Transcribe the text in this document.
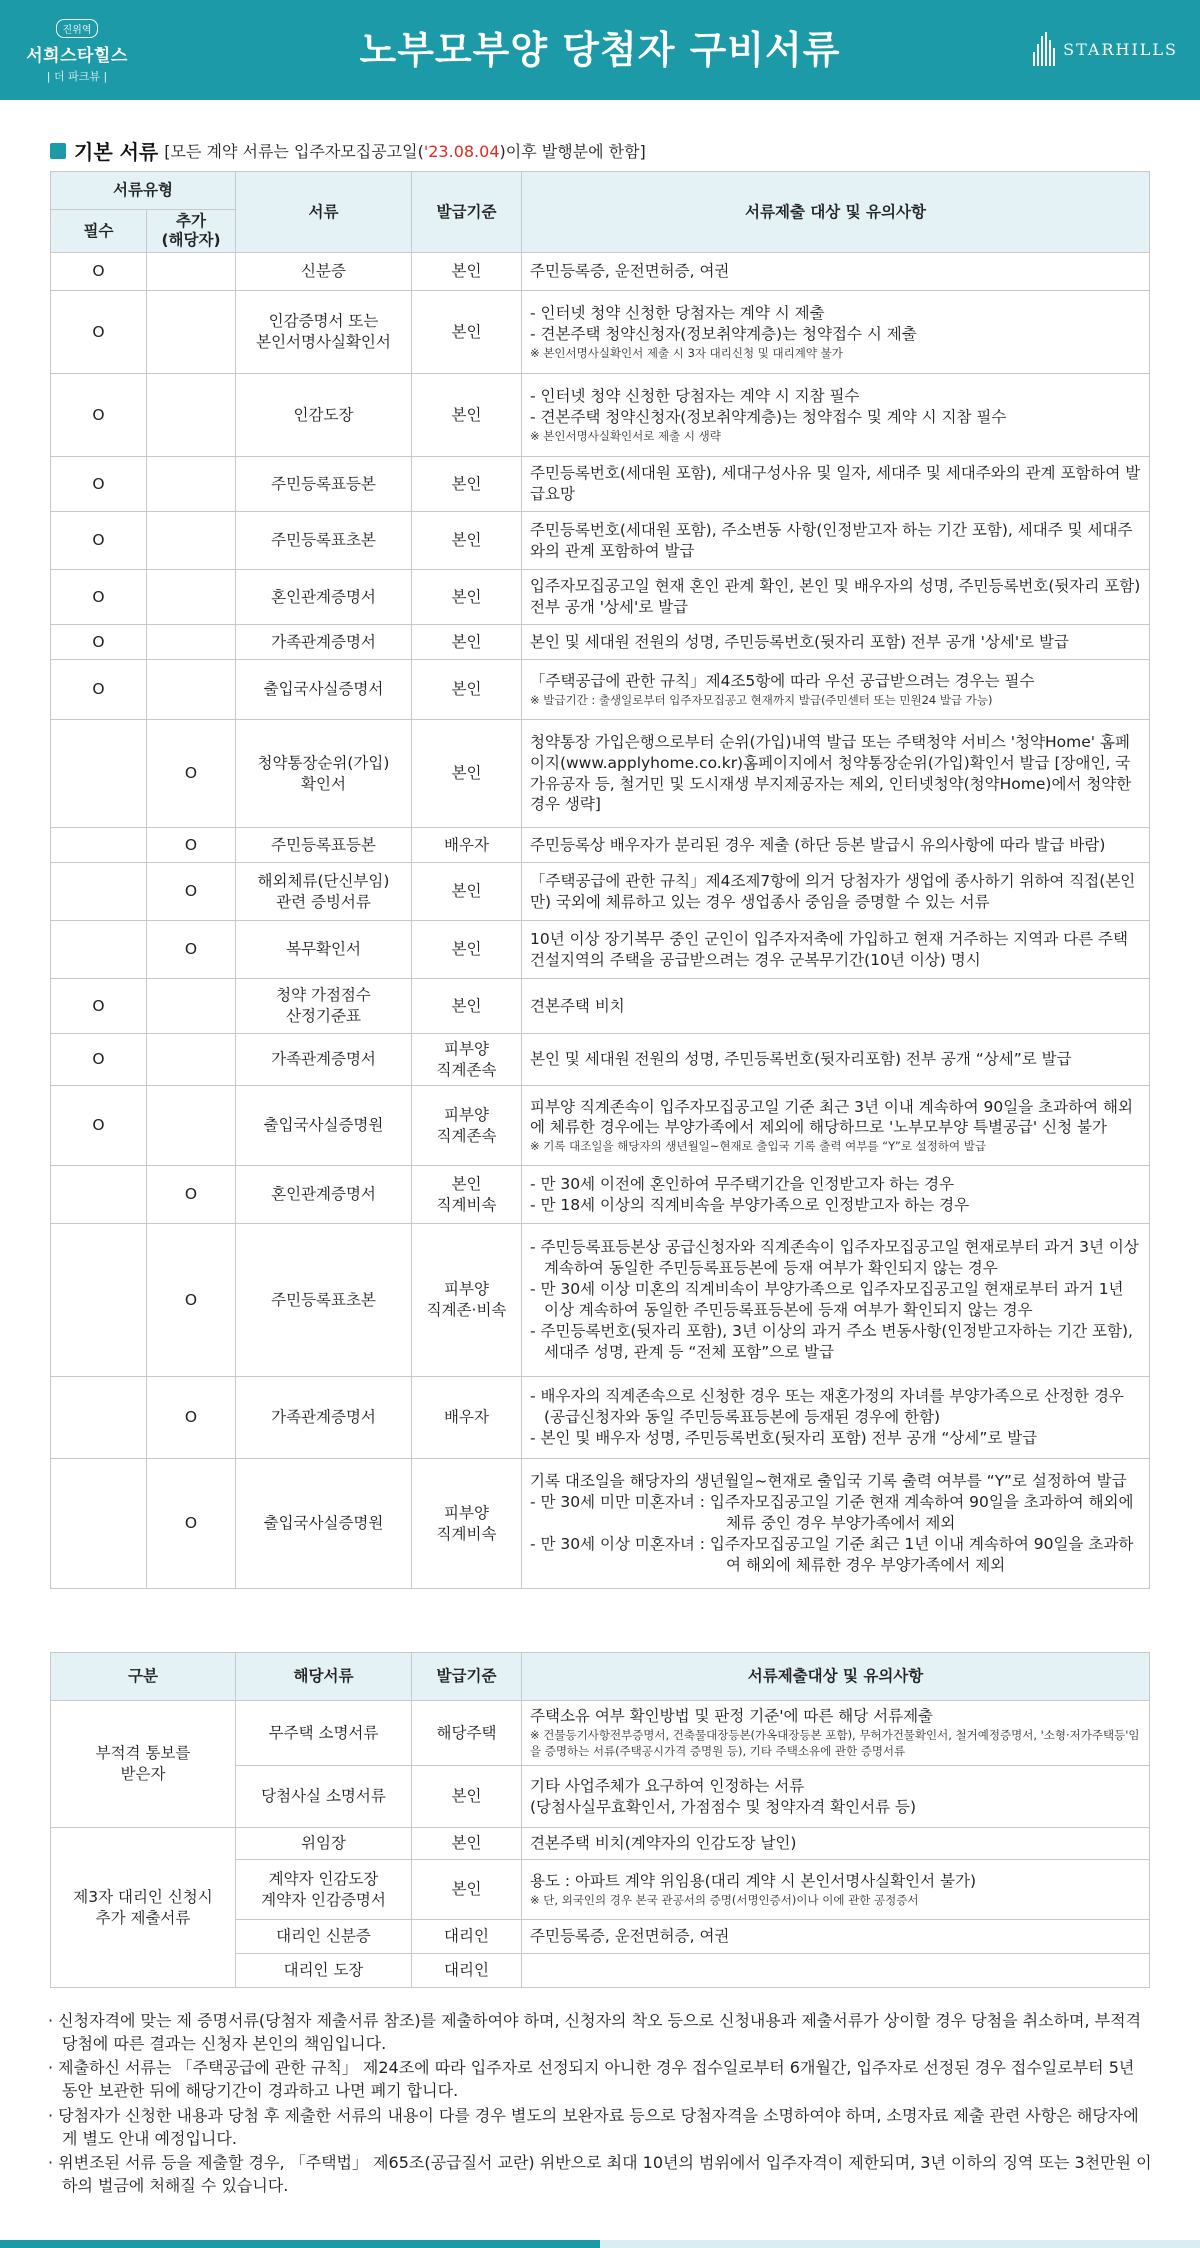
진위역
서희스타힐스
| 더 파크뷰 |
노부모부양 당첨자 구비서류	STARHILLS
기본 서류 [모든 계약 서류는 입주자모집공고일('23.08.04)이후 발행분에 한함]
서류유형		서류	발급기준	서류제출 대상 및 유의사항
필수	추가
(해당자)			
O		신분증	본인	주민등록증, 운전면허증, 여권

O		인감증명서 또는
본인서명사실확인서	본인	- 인터넷 청약 신청한 당첨자는 계약 시 제출
- 견본주택 청약신청자(정보취약계층)는 청약접수 시 제출
※ 본인서명사실확인서 제출 시 3자 대리신청 및 대리계약 불가

O		인감도장	본인	- 인터넷 청약 신청한 당첨자는 계약 시 지참 필수
- 견본주택 청약신청자(정보취약계층)는 청약접수 및 계약 시 지참 필수
※ 본인서명사실확인서로 제출 시 생략

O		주민등록표등본	본인	주민등록번호(세대원 포함), 세대구성사유 및 일자, 세대주 및 세대주와의 관계 포함하여 발급요망

O		주민등록표초본	본인	주민등록번호(세대원 포함), 주소변동 사항(인정받고자 하는 기간 포함), 세대주 및 세대주와의 관계 포함하여 발급

O		혼인관계증명서	본인	입주자모집공고일 현재 혼인 관계 확인, 본인 및 배우자의 성명, 주민등록번호(뒷자리 포함) 전부 공개 '상세'로 발급

O		가족관계증명서	본인	본인 및 세대원 전원의 성명, 주민등록번호(뒷자리 포함) 전부 공개 '상세'로 발급

O		출입국사실증명서	본인	「주택공급에 관한 규칙」제4조5항에 따라 우선 공급받으려는 경우는 필수
※ 발급기간 : 출생일로부터 입주자모집공고 현재까지 발급(주민센터 또는 민원24 발급 가능)

	O	청약통장순위(가입)
확인서	본인	청약통장 가입은행으로부터 순위(가입)내역 발급 또는 주택청약 서비스 '청약Home' 홈페이지(www.applyhome.co.kr)홈페이지에서 청약통장순위(가입)확인서 발급 [장애인, 국가유공자 등, 철거민 및 도시재생 부지제공자는 제외, 인터넷청약(청약Home)에서 청약한 경우 생략]

	O	주민등록표등본	배우자	주민등록상 배우자가 분리된 경우 제출 (하단 등본 발급시 유의사항에 따라 발급 바람)

	O	해외체류(단신부임)
관련 증빙서류	본인	「주택공급에 관한 규칙」제4조제7항에 의거 당첨자가 생업에 종사하기 위하여 직접(본인만) 국외에 체류하고 있는 경우 생업종사 중임을 증명할 수 있는 서류

	O	복무확인서	본인	10년 이상 장기복무 중인 군인이 입주자저축에 가입하고 현재 거주하는 지역과 다른 주택건설지역의 주택을 공급받으려는 경우 군복무기간(10년 이상) 명시

O		청약 가점점수
산정기준표	본인	견본주택 비치

O		가족관계증명서	피부양
직계존속	본인 및 세대원 전원의 성명, 주민등록번호(뒷자리포함) 전부 공개 “상세”로 발급

O		출입국사실증명원	피부양
직계존속	피부양 직계존속이 입주자모집공고일 기준 최근 3년 이내 계속하여 90일을 초과하여 해외에 체류한 경우에는 부양가족에서 제외에 해당하므로 '노부모부양 특별공급' 신청 불가
※ 기록 대조일을 해당자의 생년월일~현재로 출입국 기록 출력 여부를 “Y”로 설정하여 발급

	O	혼인관계증명서	본인
직계비속	- 만 30세 이전에 혼인하여 무주택기간을 인정받고자 하는 경우
- 만 18세 이상의 직계비속을 부양가족으로 인정받고자 하는 경우

	O	주민등록표초본	피부양
직계존·비속	- 주민등록표등본상 공급신청자와 직계존속이 입주자모집공고일 현재로부터 과거 3년 이상 계속하여 동일한 주민등록표등본에 등재 여부가 확인되지 않는 경우
- 만 30세 이상 미혼의 직계비속이 부양가족으로 입주자모집공고일 현재로부터 과거 1년 이상 계속하여 동일한 주민등록표등본에 등재 여부가 확인되지 않는 경우
- 주민등록번호(뒷자리 포함), 3년 이상의 과거 주소 변동사항(인정받고자하는 기간 포함), 세대주 성명, 관계 등 “전체 포함”으로 발급

	O	가족관계증명서	배우자	- 배우자의 직계존속으로 신청한 경우 또는 재혼가정의 자녀를 부양가족으로 산정한 경우(공급신청자와 동일 주민등록표등본에 등재된 경우에 한함)
- 본인 및 배우자 성명, 주민등록번호(뒷자리 포함) 전부 공개 “상세”로 발급

	O	출입국사실증명원	피부양
직계비속	기록 대조일을 해당자의 생년월일~현재로 출입국 기록 출력 여부를 “Y”로 설정하여 발급
- 만 30세 미만 미혼자녀 : 입주자모집공고일 기준 현재 계속하여 90일을 초과하여 해외에 체류 중인 경우 부양가족에서 제외
- 만 30세 이상 미혼자녀 : 입주자모집공고일 기준 최근 1년 이내 계속하여 90일을 초과하여 해외에 체류한 경우 부양가족에서 제외
구분	해당서류	발급기준	서류제출대상 및 유의사항
부적격 통보를
받은자	무주택 소명서류	해당주택	주택소유 여부 확인방법 및 판정 기준'에 따른 해당 서류제출
※ 건물등기사항전부증명서, 건축물대장등본(가옥대장등본 포함), 무허가건물확인서, 철거예정증명서, '소형·저가주택등'임을 증명하는 서류(주택공시가격 증명원 등), 기타 주택소유에 관한 증명서류

	당첨사실 소명서류	본인	기타 사업주체가 요구하여 인정하는 서류
(당첨사실무효확인서, 가점점수 및 청약자격 확인서류 등)

제3자 대리인 신청시
추가 제출서류	위임장	본인	견본주택 비치(계약자의 인감도장 날인)

	계약자 인감도장
계약자 인감증명서	본인	용도 : 아파트 계약 위임용(대리 계약 시 본인서명사실확인서 불가)
※ 단, 외국인의 경우 본국 관공서의 증명(서명인증서)이나 이에 관한 공정증서

	대리인 신분증	대리인	주민등록증, 운전면허증, 여권

	대리인 도장	대리인	

· 신청자격에 맞는 제 증명서류(당첨자 제출서류 참조)를 제출하여야 하며, 신청자의 착오 등으로 신청내용과 제출서류가 상이할 경우 당첨을 취소하며, 부적격 당첨에 따른 결과는 신청자 본인의 책임입니다.

· 제출하신 서류는 「주택공급에 관한 규칙」 제24조에 따라 입주자로 선정되지 아니한 경우 접수일로부터 6개월간, 입주자로 선정된 경우 접수일로부터 5년 동안 보관한 뒤에 해당기간이 경과하고 나면 폐기 합니다.

· 당첨자가 신청한 내용과 당첨 후 제출한 서류의 내용이 다를 경우 별도의 보완자료 등으로 당첨자격을 소명하여야 하며, 소명자료 제출 관련 사항은 해당자에게 별도 안내 예정입니다.

· 위변조된 서류 등을 제출할 경우, 「주택법」 제65조(공급질서 교란) 위반으로 최대 10년의 범위에서 입주자격이 제한되며, 3년 이하의 징역 또는 3천만원 이하의 벌금에 처해질 수 있습니다.
